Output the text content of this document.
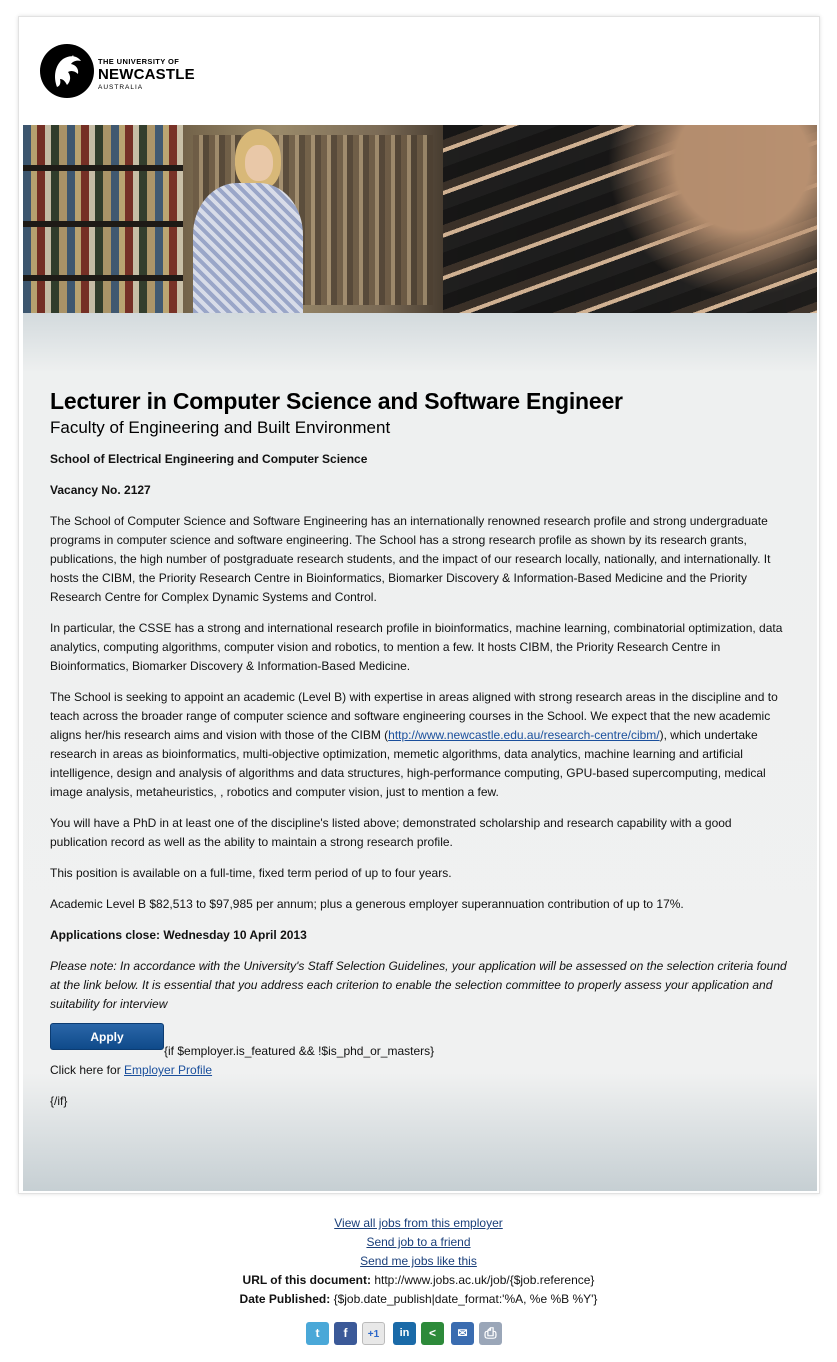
THE UNIVERSITY OF
NEWCASTLE
AUSTRALIA
Lecturer in Computer Science and Software Engineer
Faculty of Engineering and Built Environment
School of Electrical Engineering and Computer Science
Vacancy No. 2127
The School of Computer Science and Software Engineering has an internationally renowned research profile and strong undergraduate programs in computer science and software engineering. The School has a strong research profile as shown by its research grants, publications, the high number of postgraduate research students, and the impact of our research locally, nationally, and internationally. It hosts the CIBM, the Priority Research Centre in Bioinformatics, Biomarker Discovery & Information-Based Medicine and the Priority Research Centre for Complex Dynamic Systems and Control.
In particular, the CSSE has a strong and international research profile in bioinformatics, machine learning, combinatorial optimization, data analytics, computing algorithms, computer vision and robotics, to mention a few. It hosts CIBM, the Priority Research Centre in Bioinformatics, Biomarker Discovery & Information-Based Medicine.
The School is seeking to appoint an academic (Level B) with expertise in areas aligned with strong research areas in the discipline and to teach across the broader range of computer science and software engineering courses in the School. We expect that the new academic aligns her/his research aims and vision with those of the CIBM (http://www.newcastle.edu.au/research-centre/cibm/), which undertake research in areas as bioinformatics, multi-objective optimization, memetic algorithms, data analytics, machine learning and artificial intelligence, design and analysis of algorithms and data structures, high-performance computing, GPU-based supercomputing, medical image analysis, metaheuristics, , robotics and computer vision, just to mention a few.
You will have a PhD in at least one of the discipline's listed above; demonstrated scholarship and research capability with a good publication record as well as the ability to maintain a strong research profile.
This position is available on a full-time, fixed term period of up to four years.
Academic Level B $82,513 to $97,985 per annum; plus a generous employer superannuation contribution of up to 17%.
Applications close: Wednesday 10 April 2013
Please note: In accordance with the University's Staff Selection Guidelines, your application will be assessed on the selection criteria found at the link below. It is essential that you address each criterion to enable the selection committee to properly assess your application and suitability for interview
Apply
{if $employer.is_featured && !$is_phd_or_masters}
Click here for Employer Profile
{/if}
View all jobs from this employer
Send job to a friend
Send me jobs like this
URL of this document: http://www.jobs.ac.uk/job/{$job.reference}
Date Published: {$job.date_publish|date_format:'%A, %e %B %Y'}
t	f	+1	in	<	✉	⎙
